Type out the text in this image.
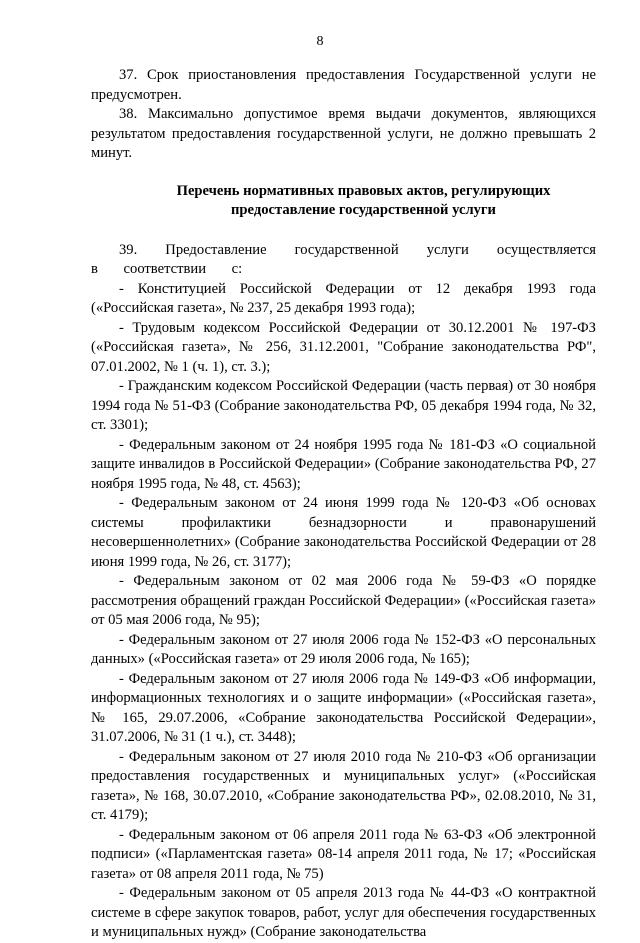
8

37. Срок приостановления предоставления Государственной услуги не предусмотрен.

38. Максимально допустимое время выдачи документов, являющихся результатом предоставления государственной услуги, не должно превышать 2 минут.

Перечень нормативных правовых актов, регулирующих предоставление государственной услуги

39. Предоставление государственной услуги осуществляется в соответствии с:

- Конституцией Российской Федерации от 12 декабря 1993 года («Российская газета», № 237, 25 декабря 1993 года);

- Трудовым кодексом Российской Федерации от 30.12.2001 № 197-ФЗ («Российская газета», № 256, 31.12.2001, "Собрание законодательства РФ", 07.01.2002, № 1 (ч. 1), ст. 3.);

- Гражданским кодексом Российской Федерации (часть первая) от 30 ноября 1994 года № 51-ФЗ (Собрание законодательства РФ, 05 декабря 1994 года, № 32, ст. 3301);

- Федеральным законом от 24 ноября 1995 года № 181-ФЗ «О социальной защите инвалидов в Российской Федерации» (Собрание законодательства РФ, 27 ноября 1995 года, № 48, ст. 4563);

- Федеральным законом от 24 июня 1999 года № 120-ФЗ «Об основах системы профилактики безнадзорности и правонарушений несовершеннолетних» (Собрание законодательства Российской Федерации от 28 июня 1999 года, № 26, ст. 3177);

- Федеральным законом от 02 мая 2006 года № 59-ФЗ «О порядке рассмотрения обращений граждан Российской Федерации» («Российская газета» от 05 мая 2006 года, № 95);

- Федеральным законом от 27 июля 2006 года № 152-ФЗ «О персональных данных» («Российская газета» от 29 июля 2006 года, № 165);

- Федеральным законом от 27 июля 2006 года № 149-ФЗ «Об информации, информационных технологиях и о защите информации» («Российская газета», № 165, 29.07.2006, «Собрание законодательства Российской Федерации», 31.07.2006, № 31 (1 ч.), ст. 3448);

- Федеральным законом от 27 июля 2010 года № 210-ФЗ «Об организации предоставления государственных и муниципальных услуг» («Российская газета», № 168, 30.07.2010, «Собрание законодательства РФ», 02.08.2010, № 31, ст. 4179);

- Федеральным законом от 06 апреля 2011 года № 63-ФЗ «Об электронной подписи» («Парламентская газета» 08-14 апреля 2011 года, № 17; «Российская газета» от 08 апреля 2011 года, № 75)

- Федеральным законом от 05 апреля 2013 года № 44-ФЗ «О контрактной системе в сфере закупок товаров, работ, услуг для обеспечения государственных и муниципальных нужд» (Собрание законодательства
